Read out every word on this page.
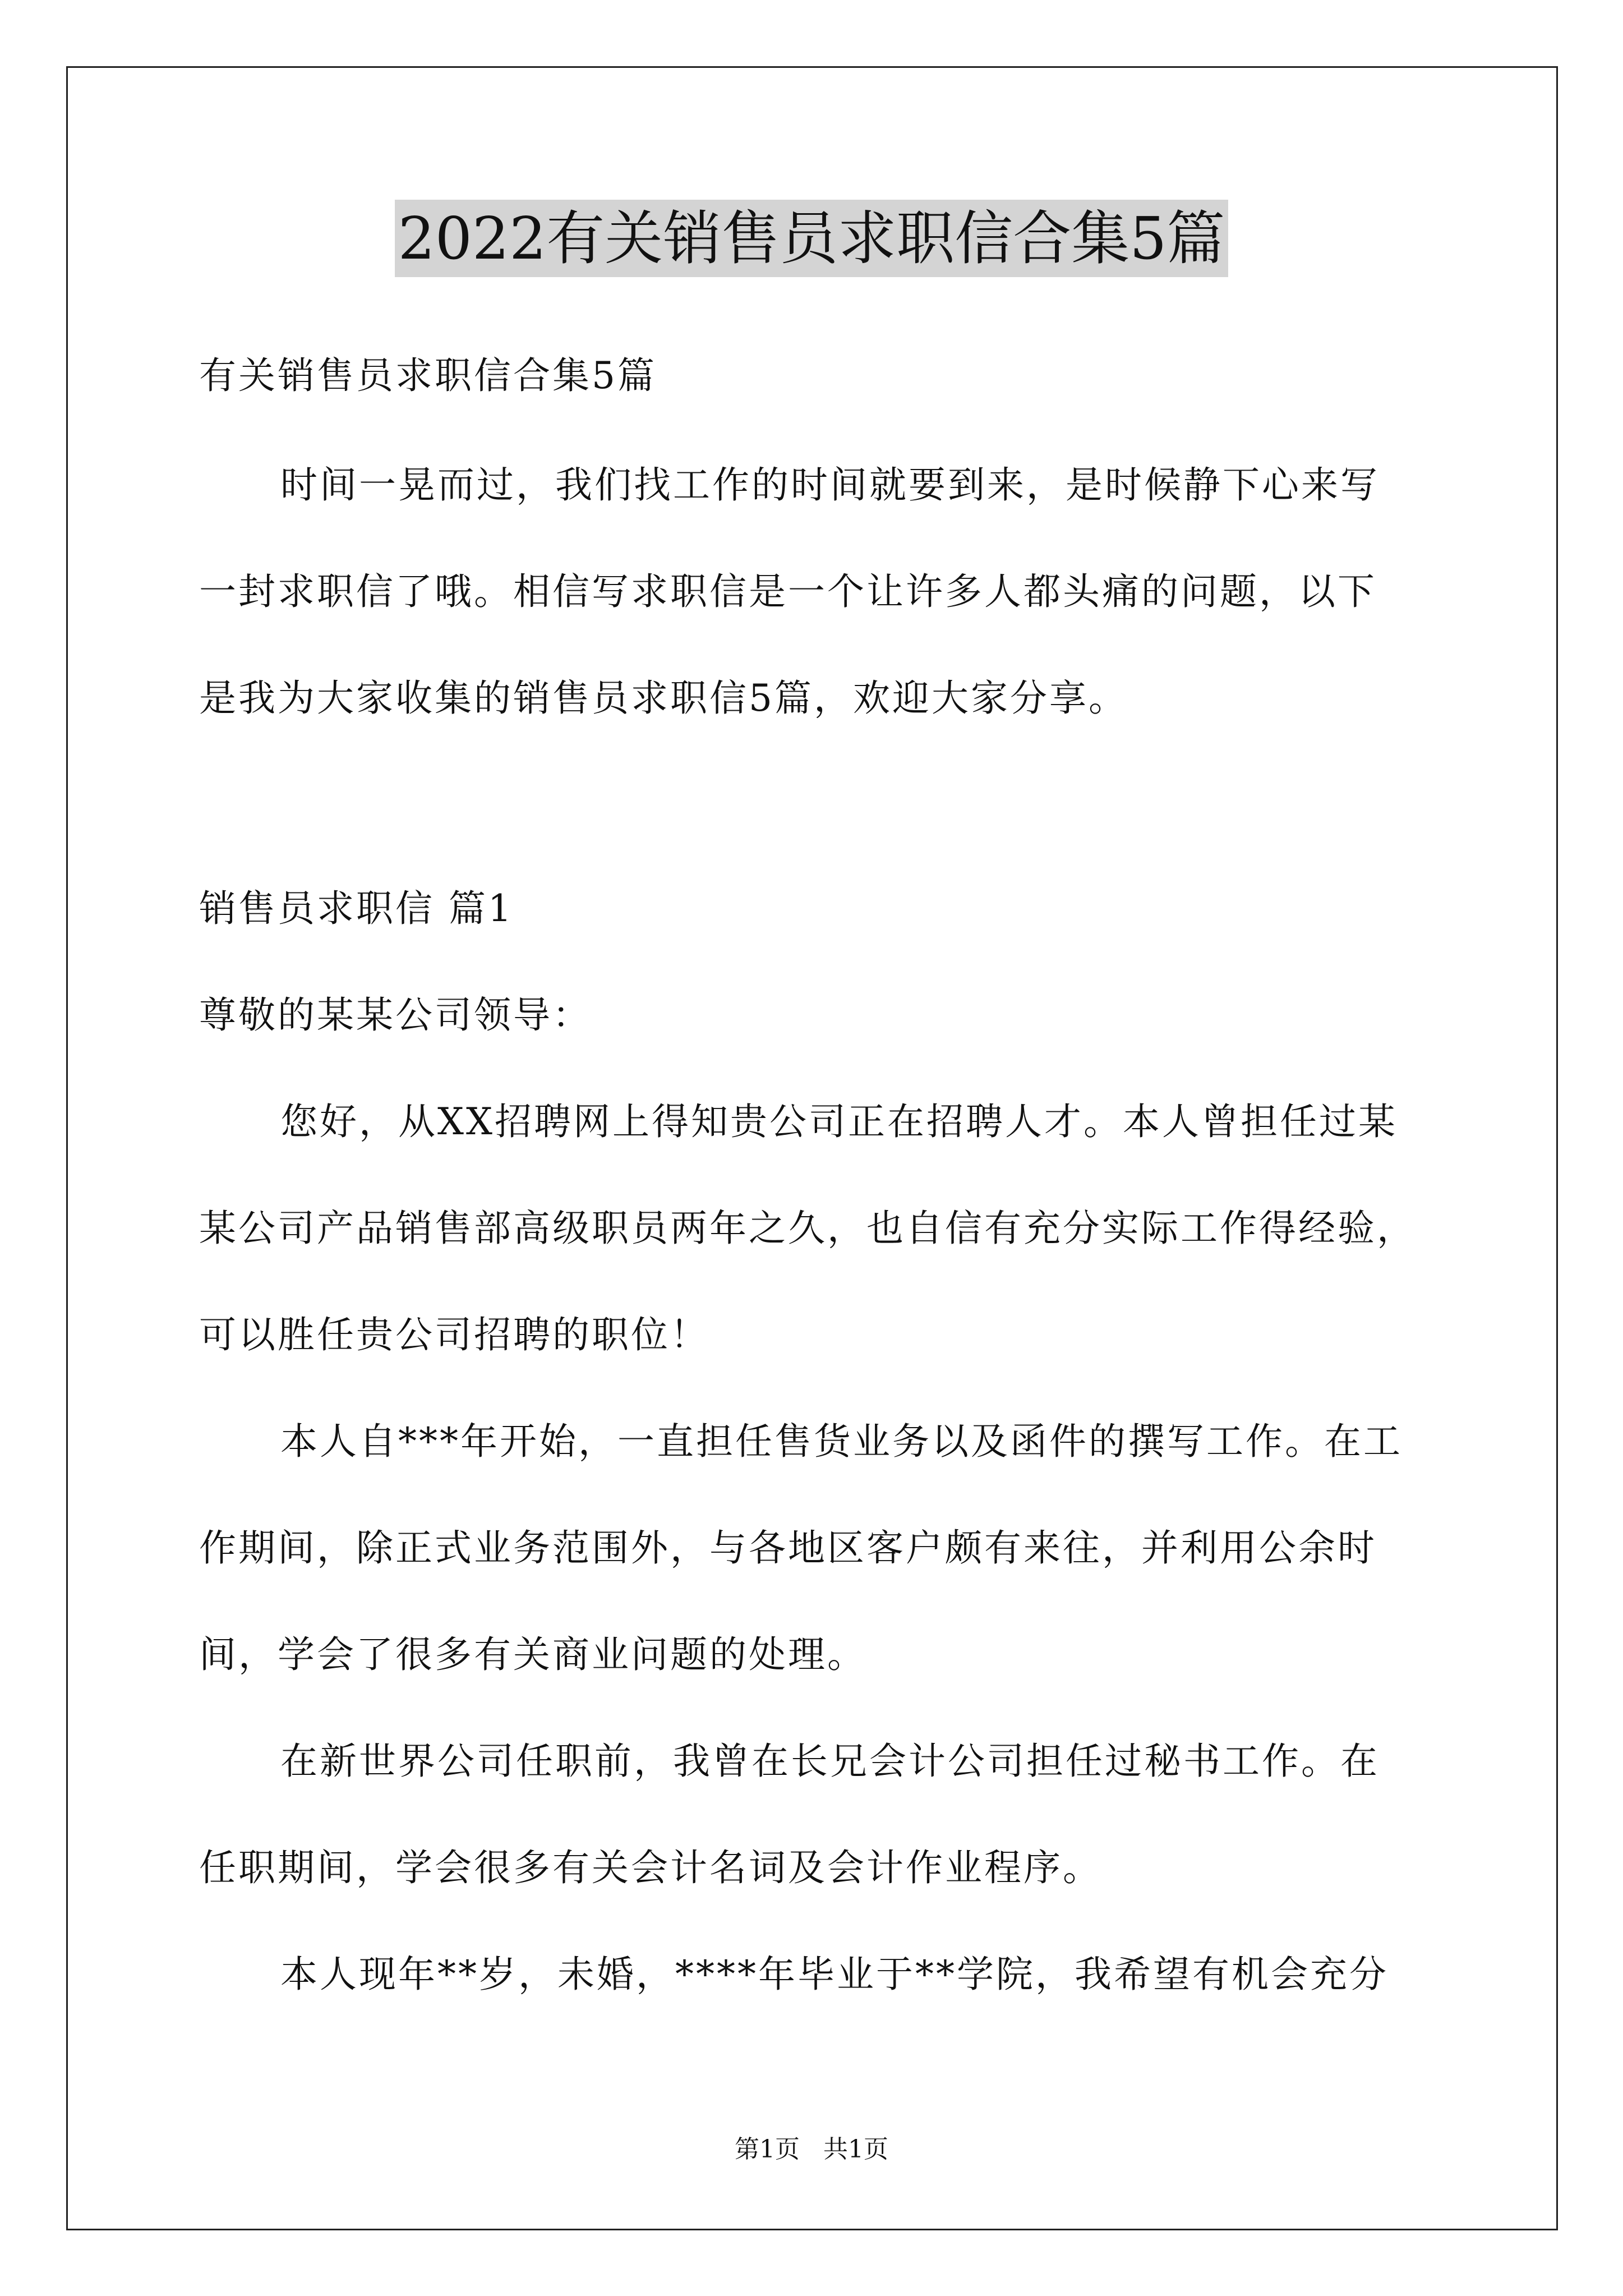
2022有关销售员求职信合集5篇
有关销售员求职信合集5篇
时间一晃而过，我们找工作的时间就要到来，是时候静下心来写
一封求职信了哦。相信写求职信是一个让许多人都头痛的问题，以下
是我为大家收集的销售员求职信5篇，欢迎大家分享。
销售员求职信 篇1
尊敬的某某公司领导：
您好，从XX招聘网上得知贵公司正在招聘人才。本人曾担任过某
某公司产品销售部高级职员两年之久，也自信有充分实际工作得经验，
可以胜任贵公司招聘的职位！
本人自***年开始，一直担任售货业务以及函件的撰写工作。在工
作期间，除正式业务范围外，与各地区客户颇有来往，并利用公余时
间，学会了很多有关商业问题的处理。
在新世界公司任职前，我曾在长兄会计公司担任过秘书工作。在
任职期间，学会很多有关会计名词及会计作业程序。
本人现年**岁，未婚，****年毕业于**学院，我希望有机会充分
第1页   共1页
